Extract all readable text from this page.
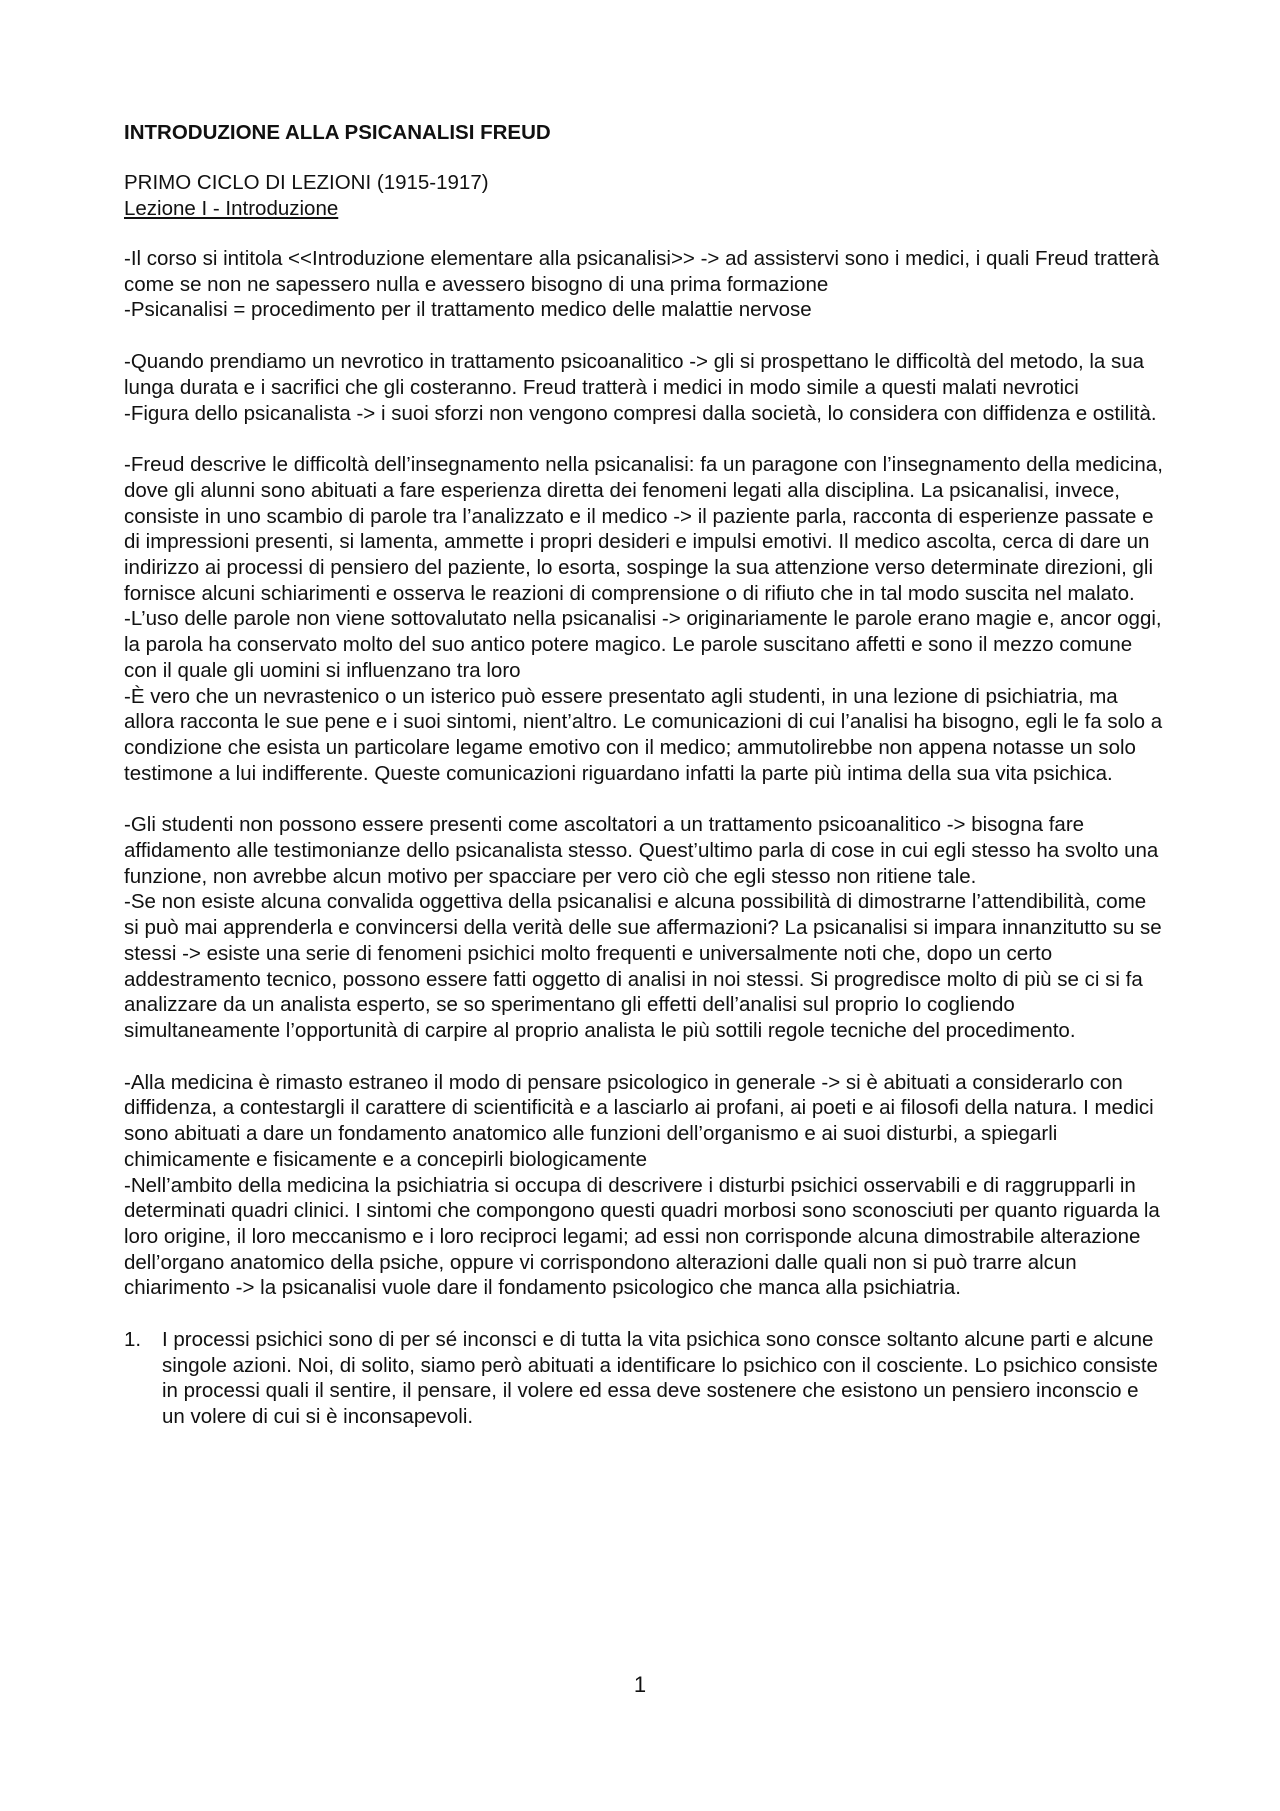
INTRODUZIONE ALLA PSICANALISI FREUD
PRIMO CICLO DI LEZIONI (1915-1917)
Lezione I - Introduzione

-Il corso si intitola <<Introduzione elementare alla psicanalisi>> -> ad assistervi sono i medici, i quali Freud tratterà come se non ne sapessero nulla e avessero bisogno di una prima formazione

-Psicanalisi = procedimento per il trattamento medico delle malattie nervose

-Quando prendiamo un nevrotico in trattamento psicoanalitico -> gli si prospettano le difficoltà del metodo, la sua lunga durata e i sacrifici che gli costeranno. Freud tratterà i medici in modo simile a questi malati nevrotici

-Figura dello psicanalista -> i suoi sforzi non vengono compresi dalla società, lo considera con diffidenza e ostilità.

-Freud descrive le difficoltà dell’insegnamento nella psicanalisi: fa un paragone con l’insegnamento della medicina, dove gli alunni sono abituati a fare esperienza diretta dei fenomeni legati alla disciplina. La psicanalisi, invece, consiste in uno scambio di parole tra l’analizzato e il medico -> il paziente parla, racconta di esperienze passate e di impressioni presenti, si lamenta, ammette i propri desideri e impulsi emotivi. Il medico ascolta, cerca di dare un indirizzo ai processi di pensiero del paziente, lo esorta, sospinge la sua attenzione verso determinate direzioni, gli fornisce alcuni schiarimenti e osserva le reazioni di comprensione o di rifiuto che in tal modo suscita nel malato.

-L’uso delle parole non viene sottovalutato nella psicanalisi -> originariamente le parole erano magie e, ancor oggi, la parola ha conservato molto del suo antico potere magico. Le parole suscitano affetti e sono il mezzo comune con il quale gli uomini si influenzano tra loro

-È vero che un nevrastenico o un isterico può essere presentato agli studenti, in una lezione di psichiatria, ma allora racconta le sue pene e i suoi sintomi, nient’altro. Le comunicazioni di cui l’analisi ha bisogno, egli le fa solo a condizione che esista un particolare legame emotivo con il medico; ammutolirebbe non appena notasse un solo testimone a lui indifferente. Queste comunicazioni riguardano infatti la parte più intima della sua vita psichica.

-Gli studenti non possono essere presenti come ascoltatori a un trattamento psicoanalitico -> bisogna fare affidamento alle testimonianze dello psicanalista stesso. Quest’ultimo parla di cose in cui egli stesso ha svolto una funzione, non avrebbe alcun motivo per spacciare per vero ciò che egli stesso non ritiene tale.

-Se non esiste alcuna convalida oggettiva della psicanalisi e alcuna possibilità di dimostrarne l’attendibilità, come si può mai apprenderla e convincersi della verità delle sue affermazioni? La psicanalisi si impara innanzitutto su se stessi -> esiste una serie di fenomeni psichici molto frequenti e universalmente noti che, dopo un certo addestramento tecnico, possono essere fatti oggetto di analisi in noi stessi. Si progredisce molto di più se ci si fa analizzare da un analista esperto, se so sperimentano gli effetti dell’analisi sul proprio Io cogliendo simultaneamente l’opportunità di carpire al proprio analista le più sottili regole tecniche del procedimento.

-Alla medicina è rimasto estraneo il modo di pensare psicologico in generale -> si è abituati a considerarlo con diffidenza, a contestargli il carattere di scientificità e a lasciarlo ai profani, ai poeti e ai filosofi della natura. I medici sono abituati a dare un fondamento anatomico alle funzioni dell’organismo e ai suoi disturbi, a spiegarli chimicamente e fisicamente e a concepirli biologicamente

-Nell’ambito della medicina la psichiatria si occupa di descrivere i disturbi psichici osservabili e di raggrupparli in determinati quadri clinici. I sintomi che compongono questi quadri morbosi sono sconosciuti per quanto riguarda la loro origine, il loro meccanismo e i loro reciproci legami; ad essi non corrisponde alcuna dimostrabile alterazione dell’organo anatomico della psiche, oppure vi corrispondono alterazioni dalle quali non si può trarre alcun chiarimento -> la psicanalisi vuole dare il fondamento psicologico che manca alla psichiatria.

1. I processi psichici sono di per sé inconsci e di tutta la vita psichica sono consce soltanto alcune parti e alcune singole azioni. Noi, di solito, siamo però abituati a identificare lo psichico con il cosciente. Lo psichico consiste in processi quali il sentire, il pensare, il volere ed essa deve sostenere che esistono un pensiero inconscio e un volere di cui si è inconsapevoli.
1
